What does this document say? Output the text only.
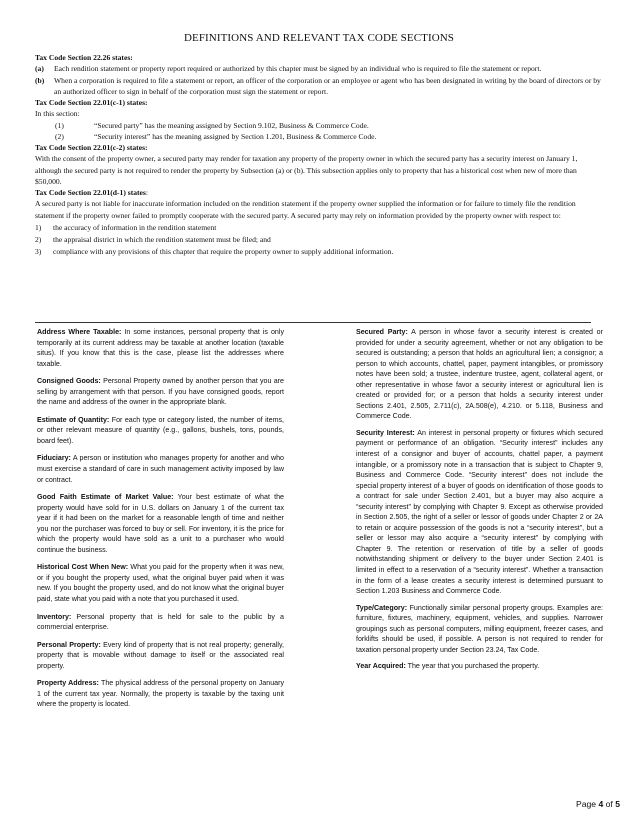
DEFINITIONS AND RELEVANT TAX CODE SECTIONS

Tax Code Section 22.26 states:

(a)	Each rendition statement or property report required or authorized by this chapter must be signed by an individual who is required to file the statement or report.
(b)	When a corporation is required to file a statement or report, an officer of the corporation or an employee or agent who has been designated in writing by the board of directors or by an authorized officer to sign in behalf of the corporation must sign the statement or report.

Tax Code Section 22.01(c-1) states:

In this section:

(1)	“Secured party” has the meaning assigned by Section 9.102, Business & Commerce Code.
(2)	“Security interest” has the meaning assigned by Section 1.201, Business & Commerce Code.

Tax Code Section 22.01(c-2) states:

With the consent of the property owner, a secured party may render for taxation any property of the property owner in which the secured party has a security interest on January 1, although the secured party is not required to render the property by Subsection (a) or (b). This subsection applies only to property that has a historical cost when new of more than $50,000.

Tax Code Section 22.01(d-1) states:

A secured party is not liable for inaccurate information included on the rendition statement if the property owner supplied the information or for failure to timely file the rendition statement if the property owner failed to promptly cooperate with the secured party. A secured party may rely on information provided by the property owner with respect to:

1)	the accuracy of information in the rendition statement
2)	the appraisal district in which the rendition statement must be filed; and
3)	compliance with any provisions of this chapter that require the property owner to supply additional information.

Address Where Taxable: In some instances, personal property that is only temporarily at its current address may be taxable at another location (taxable situs). If you know that this is the case, please list the addresses where taxable.

Consigned Goods: Personal Property owned by another person that you are selling by arrangement with that person. If you have consigned goods, report the name and address of the owner in the appropriate blank.

Estimate of Quantity: For each type or category listed, the number of items, or other relevant measure of quantity (e.g., gallons, bushels, tons, pounds, board feet).

Fiduciary: A person or institution who manages property for another and who must exercise a standard of care in such management activity imposed by law or contract.

Good Faith Estimate of Market Value: Your best estimate of what the property would have sold for in U.S. dollars on January 1 of the current tax year if it had been on the market for a reasonable length of time and neither you nor the purchaser was forced to buy or sell. For inventory, it is the price for which the property would have sold as a unit to a purchaser who would continue the business.

Historical Cost When New: What you paid for the property when it was new, or if you bought the property used, what the original buyer paid when it was new. If you bought the property used, and do not know what the original buyer paid, state what you paid with a note that you purchased it used.

Inventory: Personal property that is held for sale to the public by a commercial enterprise.

Personal Property: Every kind of property that is not real property; generally, property that is movable without damage to itself or the associated real property.

Property Address: The physical address of the personal property on January 1 of the current tax year. Normally, the property is taxable by the taxing unit where the property is located.

Secured Party: A person in whose favor a security interest is created or provided for under a security agreement, whether or not any obligation to be secured is outstanding; a person that holds an agricultural lien; a consignor; a person to which accounts, chattel, paper, payment intangibles, or promissory notes have been sold; a trustee, indenture trustee, agent, collateral agent, or other representative in whose favor a security interest or agricultural lien is created or provided for; or a person that holds a security interest under Sections 2.401, 2.505, 2.711(c), 2A.508(e), 4.210. or 5.118, Business and Commerce Code.

Security Interest: An interest in personal property or fixtures which secured payment or performance of an obligation. “Security interest” includes any interest of a consignor and buyer of accounts, chattel paper, a payment intangible, or a promissory note in a transaction that is subject to Chapter 9, Business and Commerce Code. “Security interest” does not include the special property interest of a buyer of goods on identification of those goods to a contract for sale under Section 2.401, but a buyer may also acquire a “security interest” by complying with Chapter 9. Except as otherwise provided in Section 2.505, the right of a seller or lessor of goods under Chapter 2 or 2A to retain or acquire possession of the goods is not a “security interest”, but a seller or lessor may also acquire a “security interest” by complying with Chapter 9. The retention or reservation of title by a seller of goods notwithstanding shipment or delivery to the buyer under Section 2.401 is limited in effect to a reservation of a “security interest”. Whether a transaction in the form of a lease creates a security interest is determined pursuant to Section 1.203 Business and Commerce Code.

Type/Category: Functionally similar personal property groups. Examples are: furniture, fixtures, machinery, equipment, vehicles, and supplies. Narrower groupings such as personal computers, milling equipment, freezer cases, and forklifts should be used, if possible. A person is not required to render for taxation personal property under Section 23.24, Tax Code.

Year Acquired: The year that you purchased the property.

Page 4 of 5
